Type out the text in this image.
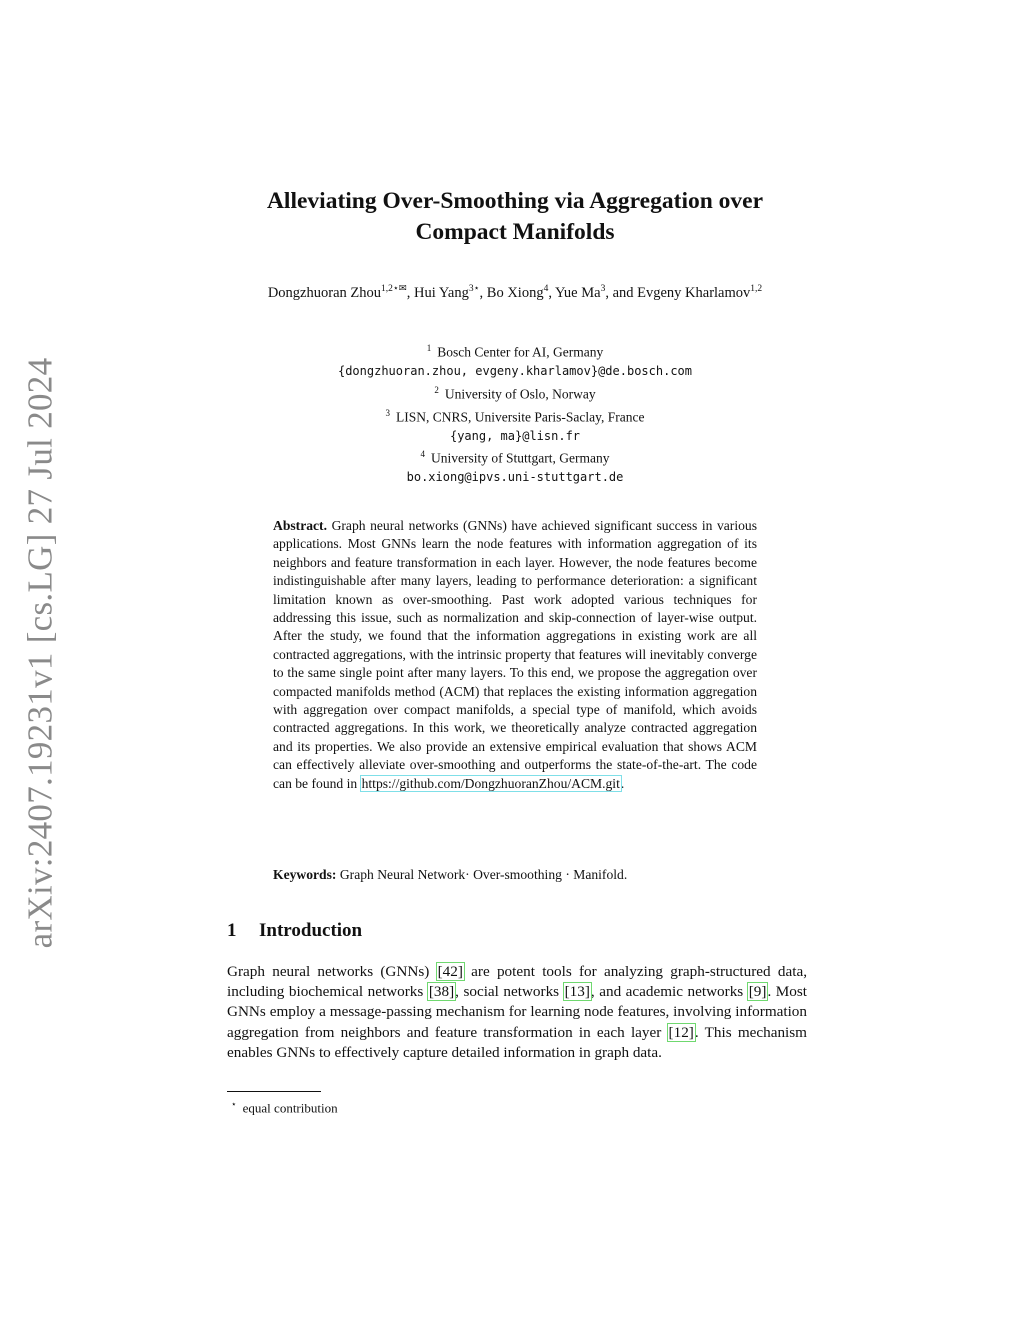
arXiv:2407.19231v1 [cs.LG] 27 Jul 2024
Alleviating Over-Smoothing via Aggregation over
Compact Manifolds
Dongzhuoran Zhou$^{1,2⋆✉}$, Hui Yang$^{3⋆}$, Bo Xiong$^4$, Yue Ma$^3$, and Evgeny Kharlamov$^{1,2}$
$^1$ Bosch Center for AI, Germany
{dongzhuoran.zhou, evgeny.kharlamov}@de.bosch.com
$^2$ University of Oslo, Norway
$^3$ LISN, CNRS, Universite Paris-Saclay, France
{yang, ma}@lisn.fr
$^4$ University of Stuttgart, Germany
bo.xiong@ipvs.uni-stuttgart.de
Abstract. Graph neural networks (GNNs) have achieved significant success in various applications. Most GNNs learn the node features with information aggregation of its neighbors and feature transformation in each layer. However, the node features become indistinguishable after many layers, leading to performance deterioration: a significant limitation known as over-smoothing. Past work adopted various techniques for addressing this issue, such as normalization and skip-connection of layer-wise output. After the study, we found that the information aggregations in existing work are all contracted aggregations, with the intrinsic property that features will inevitably converge to the same single point after many layers. To this end, we propose the aggregation over compacted manifolds method (ACM) that replaces the existing information aggregation with aggregation over compact manifolds, a special type of manifold, which avoids contracted aggregations. In this work, we theoretically analyze contracted aggregation and its properties. We also provide an extensive empirical evaluation that shows ACM can effectively alleviate over-smoothing and outperforms the state-of-the-art. The code can be found in https://github.com/DongzhuoranZhou/ACM.git.
Keywords: Graph Neural Network· Over-smoothing · Manifold.
1 Introduction
Graph neural networks (GNNs) [42] are potent tools for analyzing graph-structured data, including biochemical networks [38], social networks [13], and academic networks [9]. Most GNNs employ a message-passing mechanism for learning node features, involving information aggregation from neighbors and feature transformation in each layer [12]. This mechanism enables GNNs to effectively capture detailed information in graph data.
⋆ equal contribution
